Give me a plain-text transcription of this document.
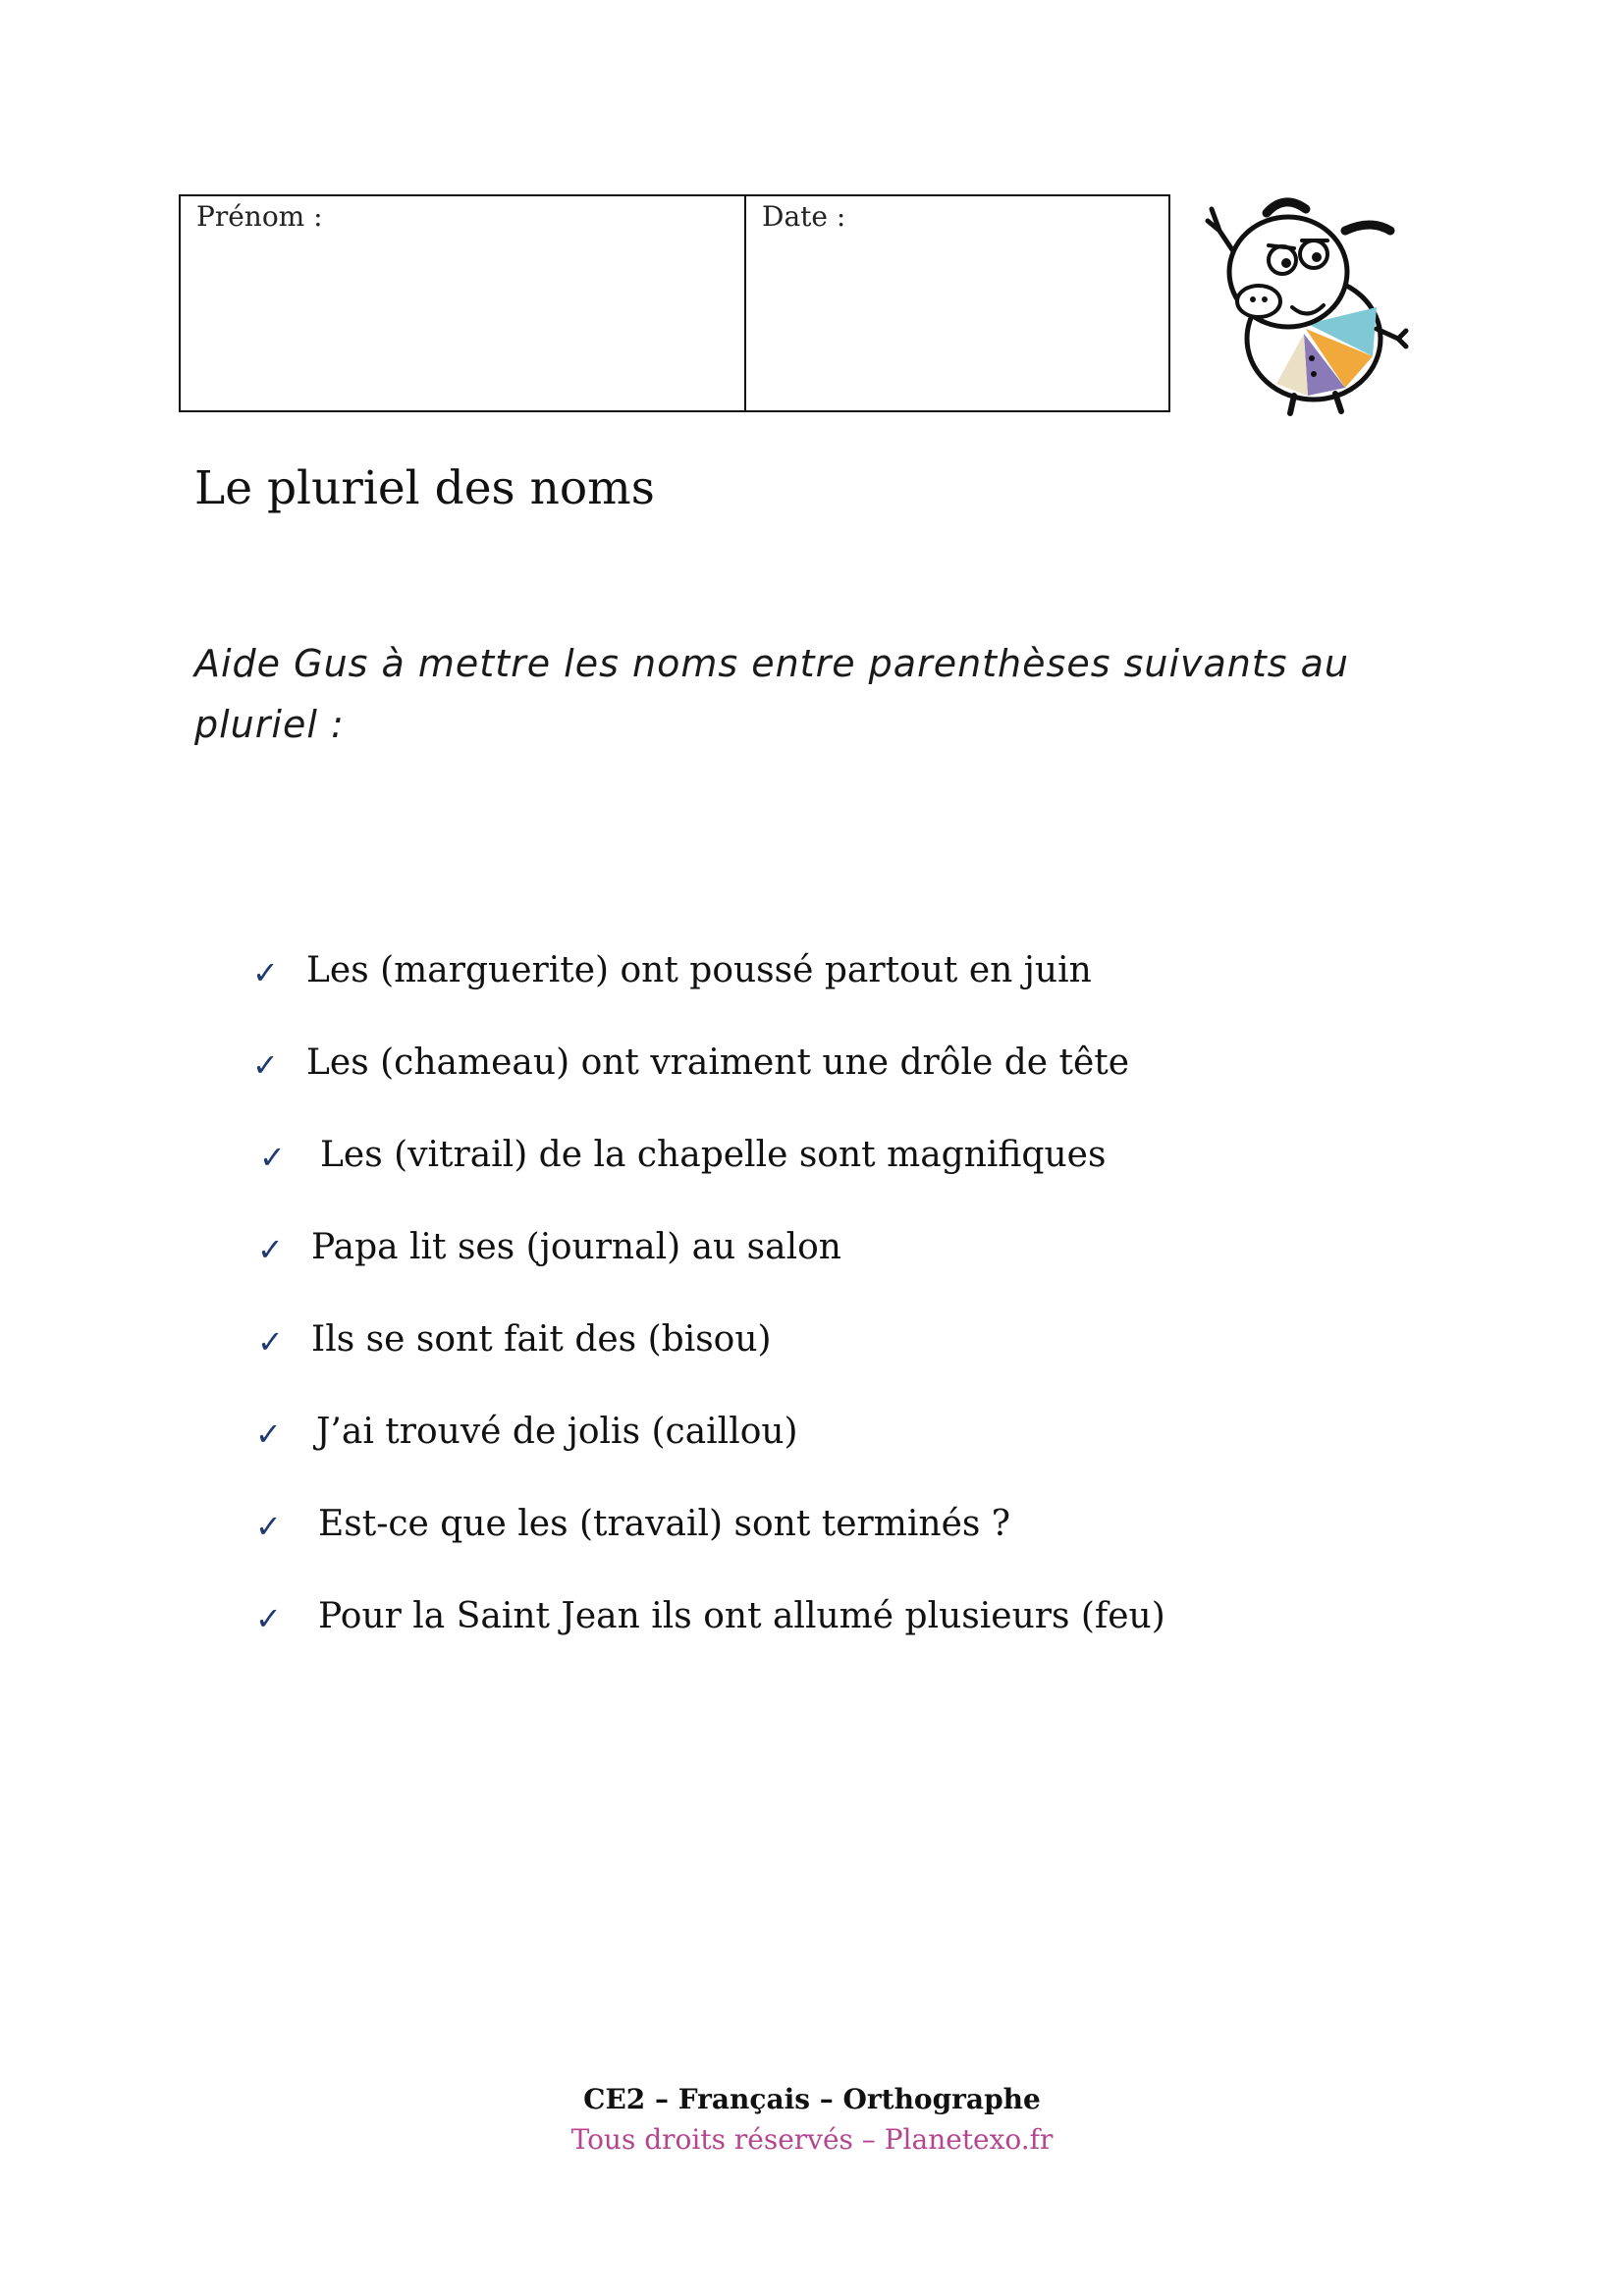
Prénom :	Date :
Le pluriel des noms

Aide Gus à mettre les noms entre parenthèses suivants au pluriel :

✓ Les (marguerite) ont poussé partout en juin
✓ Les (chameau) ont vraiment une drôle de tête
✓ Les (vitrail) de la chapelle sont magnifiques
✓ Papa lit ses (journal) au salon
✓ Ils se sont fait des (bisou)
✓ J’ai trouvé de jolis (caillou)
✓ Est-ce que les (travail) sont terminés ?
✓ Pour la Saint Jean ils ont allumé plusieurs (feu)
CE2 – Français – Orthographe
Tous droits réservés – Planetexo.fr
